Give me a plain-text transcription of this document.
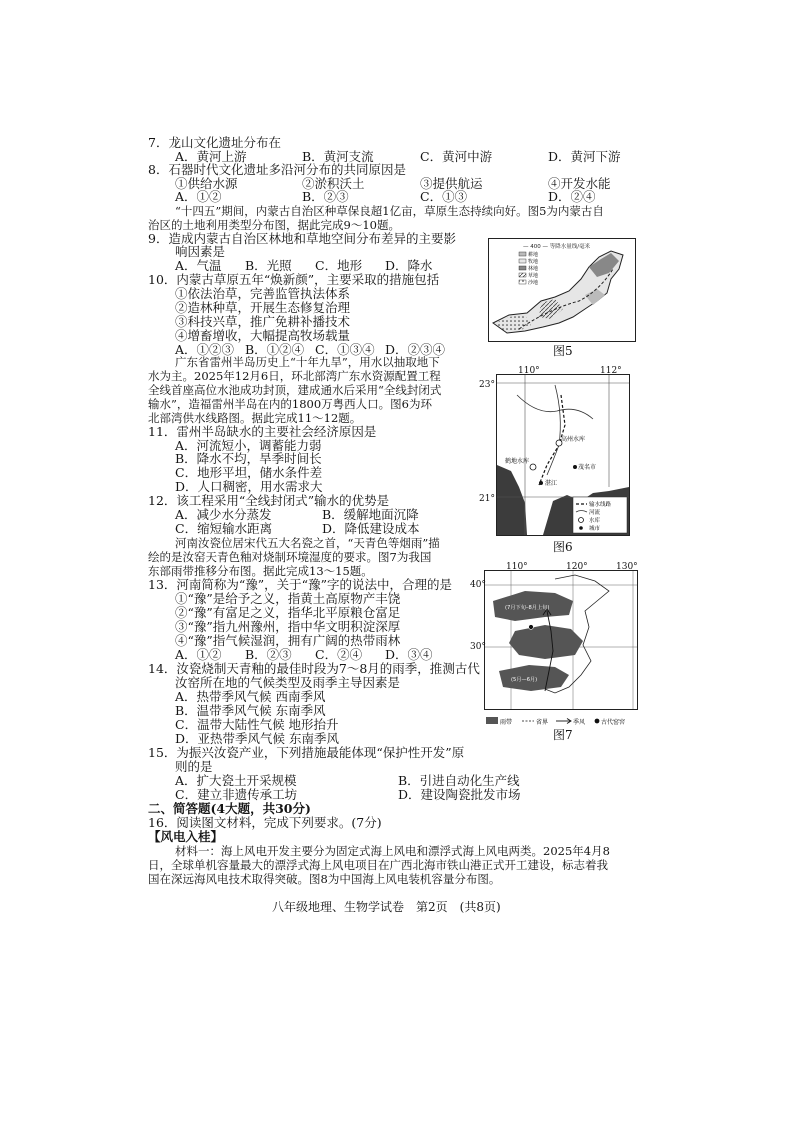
7．龙山文化遗址分布在
A．黄河上游	B．黄河支流	C．黄河中游	D．黄河下游
8．石器时代文化遗址多沿河分布的共同原因是
①供给水源	②淤积沃土	③提供航运	④开发水能
A．①②	B．②③	C．①③	D．②④
“十四五”期间，内蒙古自治区种草保良超1亿亩，草原生态持续向好。图5为内蒙古自
治区的土地利用类型分布图，据此完成9～10题。
9．造成内蒙古自治区林地和草地空间分布差异的主要影
响因素是
A．气温 B．光照 C．地形 D．降水
10．内蒙古草原五年“焕新颜”，主要采取的措施包括
①依法治草，完善监管执法体系
②造林种草，开展生态修复治理
③科技兴草，推广免耕补播技术
④增畜增收，大幅提高牧场载量
A．①②③ B．①②④ C．①③④ D．②③④
广东省雷州半岛历史上“十年九旱”，用水以抽取地下
水为主。2025年12月6日，环北部湾广东水资源配置工程
全线首座高位水池成功封顶，建成通水后采用“全线封闭式
输水”，造福雷州半岛在内的1800万粤西人口。图6为环
北部湾供水线路图。据此完成11～12题。
11．雷州半岛缺水的主要社会经济原因是
A．河流短小，调蓄能力弱
B．降水不均，旱季时间长
C．地形平坦，储水条件差
D．人口稠密，用水需求大
12．该工程采用“全线封闭式”输水的优势是
A．减少水分蒸发	B．缓解地面沉降
C．缩短输水距离	D．降低建设成本
河南汝瓷位居宋代五大名瓷之首，“天青色等烟雨”描
绘的是汝窑天青色釉对烧制环境湿度的要求。图7为我国
东部雨带推移分布图。据此完成13～15题。
13．河南简称为“豫”，关于“豫”字的说法中，合理的是
①“豫”是给予之义，指黄土高原物产丰饶
②“豫”有富足之义，指华北平原粮仓富足
③“豫”指九州豫州，指中华文明积淀深厚
④“豫”指气候湿润，拥有广阔的热带雨林
A．①② B．②③ C．②④ D．③④
14．汝瓷烧制天青釉的最佳时段为7～8月的雨季，推测古代
汝窑所在地的气候类型及雨季主导因素是
A．热带季风气候 西南季风
B．温带季风气候 东南季风
C．温带大陆性气候 地形抬升
D．亚热带季风气候 东南季风
15．为振兴汝瓷产业，下列措施最能体现“保护性开发”原
则的是
A．扩大瓷土开采规模	B．引进自动化生产线
C．建立非遗传承工坊	D．建设陶瓷批发市场
二、简答题(4大题，共30分)
16．阅读图文材料，完成下列要求。(7分)
【风电入桂】
材料一：海上风电开发主要分为固定式海上风电和漂浮式海上风电两类。2025年4月8
日，全球单机容量最大的漂浮式海上风电项目在广西北海市铁山港正式开工建设，标志着我
国在深远海风电技术取得突破。图8为中国海上风电装机容量分布图。
八年级地理、生物学试卷　第2页　(共8页)
— 400 — 等降水量线/毫米
耕地
牧地
林地
草地
沙地
图5
高州水库
鹤地水库
茂名市
湛江
输水线路
河流
水库
城市
110°	112°
23°
21°
图6
(7月下旬–8月上旬)
(5月—6月)
110°	120°	130°
40°
30°
雨带	省界	季风	古代窑窖
图7
